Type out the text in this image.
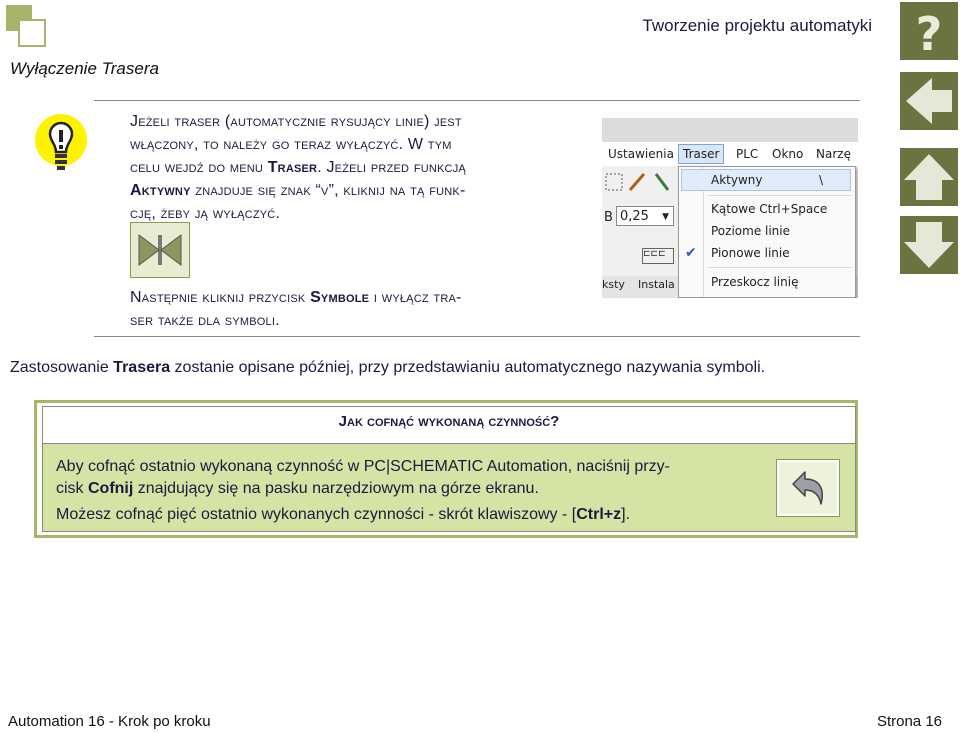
Tworzenie projektu automatyki
Wyłączenie Trasera
?
Jeżeli traser (automatycznie rysujący linie) jest
włączony, to należy go teraz wyłączyć. W tym
celu wejdź do menu Traser. Jeżeli przed funkcją
Aktywny znajduje się znak “v”, kliknij na tą funk-
cję, żeby ją wyłączyć.
Następnie kliknij przycisk Symbole i wyłącz tra-
ser także dla symboli.
Ustawienia Traser	PLC Okno Narzę
B 0,25 ▼
⊏⊏⊏
ksty Instala
Aktywny	\
Kątowe Ctrl+Space
Poziome linie
✔ Pionowe linie
Przeskocz linię
Zastosowanie Trasera zostanie opisane później, przy przedstawianiu automatycznego nazywania symboli.
Jak cofnąć wykonaną czynność?
Aby cofnąć ostatnio wykonaną czynność w PC|SCHEMATIC Automation, naciśnij przy-
cisk Cofnij znajdujący się na pasku narzędziowym na górze ekranu.
Możesz cofnąć pięć ostatnio wykonanych czynności - skrót klawiszowy - [Ctrl+z].
Automation 16 - Krok po kroku	Strona 16
